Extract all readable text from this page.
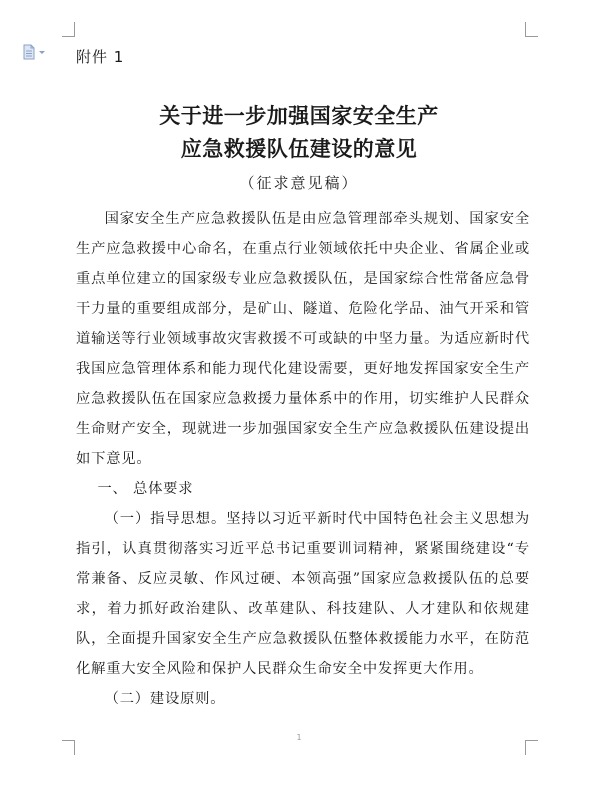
附件 1
关于进一步加强国家安全生产
应急救援队伍建设的意见
（征求意见稿）

国家安全生产应急救援队伍是由应急管理部牵头规划、国家安全生产应急救援中心命名，在重点行业领域依托中央企业、省属企业或重点单位建立的国家级专业应急救援队伍，是国家综合性常备应急骨干力量的重要组成部分，是矿山、隧道、危险化学品、油气开采和管道输送等行业领域事故灾害救援不可或缺的中坚力量。为适应新时代我国应急管理体系和能力现代化建设需要，更好地发挥国家安全生产应急救援队伍在国家应急救援力量体系中的作用，切实维护人民群众生命财产安全，现就进一步加强国家安全生产应急救援队伍建设提出如下意见。

一、 总体要求

（一）指导思想。坚持以习近平新时代中国特色社会主义思想为指引，认真贯彻落实习近平总书记重要训词精神，紧紧围绕建设“专常兼备、反应灵敏、作风过硬、本领高强”国家应急救援队伍的总要求，着力抓好政治建队、改革建队、科技建队、人才建队和依规建队，全面提升国家安全生产应急救援队伍整体救援能力水平，在防范化解重大安全风险和保护人民群众生命安全中发挥更大作用。

（二）建设原则。

1
